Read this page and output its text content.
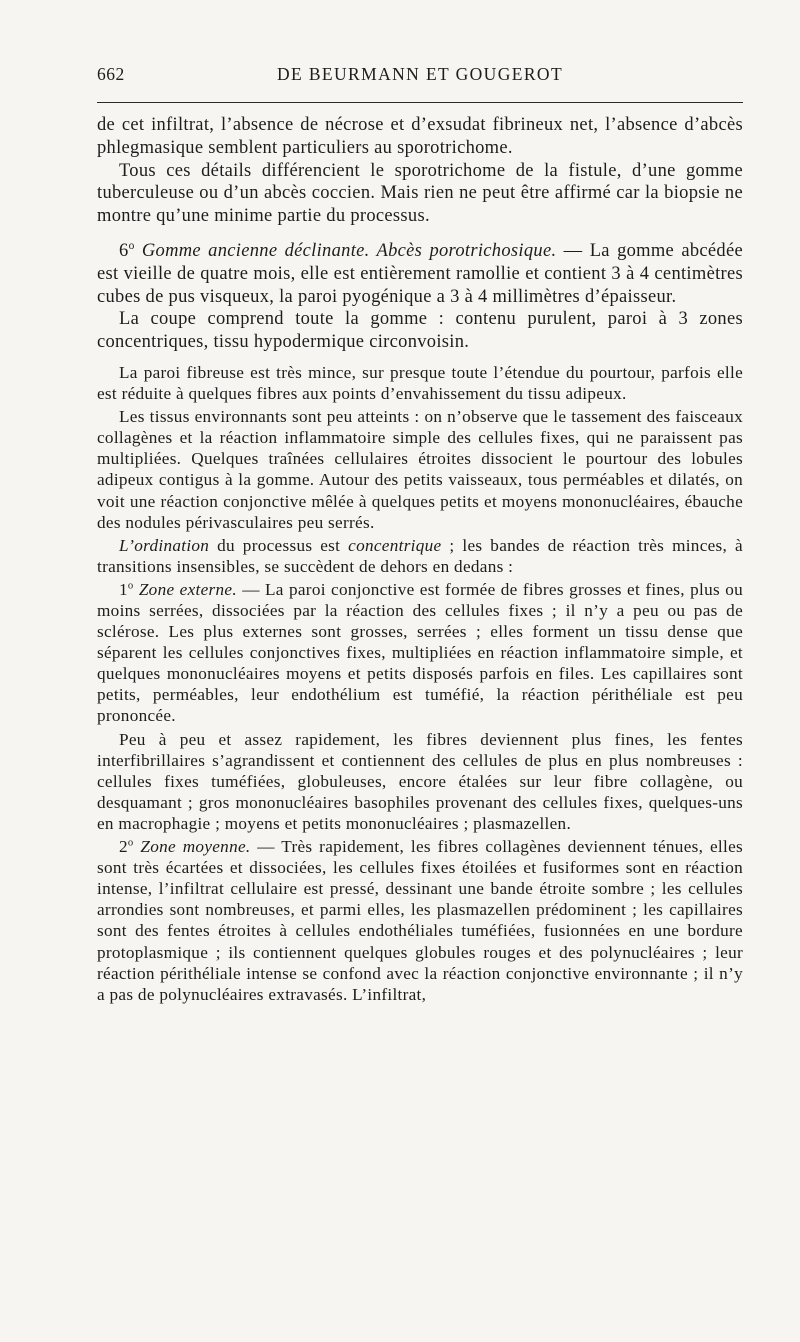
662	DE BEURMANN ET GOUGEROT

de cet infiltrat, l’absence de nécrose et d’exsudat fibrineux net, l’absence d’abcès phlegmasique semblent particuliers au sporotrichome.

Tous ces détails différencient le sporotrichome de la fistule, d’une gomme tuberculeuse ou d’un abcès coccien. Mais rien ne peut être affirmé car la biopsie ne montre qu’une minime partie du processus.

6$^o$ Gomme ancienne déclinante. Abcès porotrichosique. — La gomme abcédée est vieille de quatre mois, elle est entièrement ramollie et contient 3 à 4 centimètres cubes de pus visqueux, la paroi pyogénique a 3 à 4 millimètres d’épaisseur.

La coupe comprend toute la gomme : contenu purulent, paroi à 3 zones concentriques, tissu hypodermique circonvoisin.

La paroi fibreuse est très mince, sur presque toute l’étendue du pourtour, parfois elle est réduite à quelques fibres aux points d’envahissement du tissu adipeux.

Les tissus environnants sont peu atteints : on n’observe que le tassement des faisceaux collagènes et la réaction inflammatoire simple des cellules fixes, qui ne paraissent pas multipliées. Quelques traînées cellulaires étroites dissocient le pourtour des lobules adipeux contigus à la gomme. Autour des petits vaisseaux, tous perméables et dilatés, on voit une réaction conjonctive mêlée à quelques petits et moyens mononucléaires, ébauche des nodules périvasculaires peu serrés.

L’ordination du processus est concentrique ; les bandes de réaction très minces, à transitions insensibles, se succèdent de dehors en dedans :

1$^o$ Zone externe. — La paroi conjonctive est formée de fibres grosses et fines, plus ou moins serrées, dissociées par la réaction des cellules fixes ; il n’y a peu ou pas de sclérose. Les plus externes sont grosses, serrées ; elles forment un tissu dense que séparent les cellules conjonctives fixes, multipliées en réaction inflammatoire simple, et quelques mononucléaires moyens et petits disposés parfois en files. Les capillaires sont petits, perméables, leur endothélium est tuméfié, la réaction périthéliale est peu prononcée.

Peu à peu et assez rapidement, les fibres deviennent plus fines, les fentes interfibrillaires s’agrandissent et contiennent des cellules de plus en plus nombreuses : cellules fixes tuméfiées, globuleuses, encore étalées sur leur fibre collagène, ou desquamant ; gros mononucléaires basophiles provenant des cellules fixes, quelques-uns en macrophagie ; moyens et petits mononucléaires ; plasmazellen.

2$^o$ Zone moyenne. — Très rapidement, les fibres collagènes deviennent ténues, elles sont très écartées et dissociées, les cellules fixes étoilées et fusiformes sont en réaction intense, l’infiltrat cellulaire est pressé, dessinant une bande étroite sombre ; les cellules arrondies sont nombreuses, et parmi elles, les plasmazellen prédominent ; les capillaires sont des fentes étroites à cellules endothéliales tuméfiées, fusionnées en une bordure protoplasmique ; ils contiennent quelques globules rouges et des polynucléaires ; leur réaction périthéliale intense se confond avec la réaction conjonctive environnante ; il n’y a pas de polynucléaires extravasés. L’infiltrat,
